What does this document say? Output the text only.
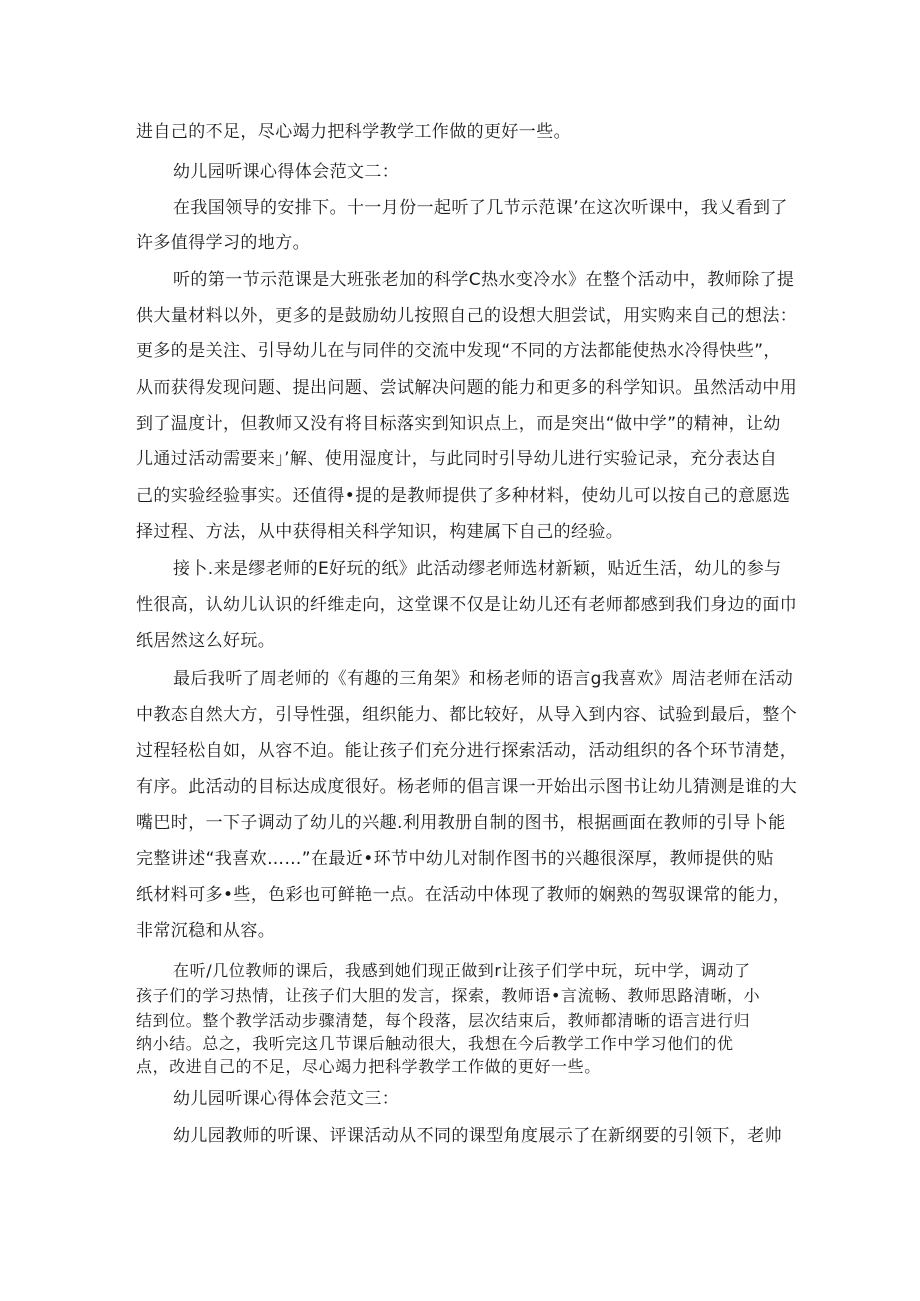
进自己的不足，尽心竭力把科学教学工作做的更好一些。
幼儿园听课心得体会范文二：
在我国领导的安排下。十一月份一起听了几节示范课’在这次听课中，我乂看到了
许多值得学习的地方。
听的第一节示范课是大班张老加的科学C热水变冷水》在整个活动中，教师除了提
供大量材料以外，更多的是鼓励幼儿按照自己的设想大胆尝试，用实购来自己的想法：
更多的是关注、引导幼儿在与同伴的交流中发现“不同的方法都能使热水冷得快些”，
从而获得发现问题、提出问题、尝试解决问题的能力和更多的科学知识。虽然活动中用
到了温度计，但教师又没有将目标落实到知识点上，而是突出“做中学”的精神，让幼
儿通过活动需要来」’解、使用湿度计，与此同时引导幼儿进行实验记录，充分表达自
己的实验经验事实。还值得•提的是教师提供了多种材料，使幼儿可以按自己的意愿选
择过程、方法，从中获得相关科学知识，构建属下自己的经验。
接卜.来是缪老师的E好玩的纸》此活动缪老师选材新颖，贴近生活，幼儿的参与
性很高，认幼儿认识的纤维走向，这堂课不仅是让幼儿还有老师都感到我们身边的面巾
纸居然这么好玩。
最后我听了周老师的《有趣的三角架》和杨老师的语言g我喜欢》周洁老师在活动
中教态自然大方，引导性强，组织能力、都比较好，从导入到内容、试验到最后，整个
过程轻松自如，从容不迫。能让孩子们充分进行探索活动，活动组织的各个环节清楚，
有序。此活动的目标达成度很好。杨老师的倡言课一开始出示图书让幼儿猜测是谁的大
嘴巴时，一下子调动了幼儿的兴趣.利用教册自制的图书，根据画面在教师的引导卜能
完整讲述“我喜欢……”在最近•环节中幼儿对制作图书的兴趣很深厚，教师提供的贴
纸材料可多•些，色彩也可鲜艳一点。在活动中体现了教师的娴熟的驾驭课常的能力，
非常沉稳和从容。
在听/几位教师的课后，我感到她们现正做到r让孩子们学中玩，玩中学，调动了
孩子们的学习热情，让孩子们大胆的发言，探索，教师语•言流畅、教师思路清晰，小
结到位。整个教学活动步骤清楚，每个段落，层次结束后，教师都清晰的语言进行归
纳小结。总之，我听完这几节课后触动很大，我想在今后教学工作中学习他们的优
点，改进自己的不足，尽心竭力把科学教学工作做的更好一些。
幼儿园听课心得体会范文三：
幼儿园教师的听课、评课活动从不同的课型角度展示了在新纲要的引领下，老帅
